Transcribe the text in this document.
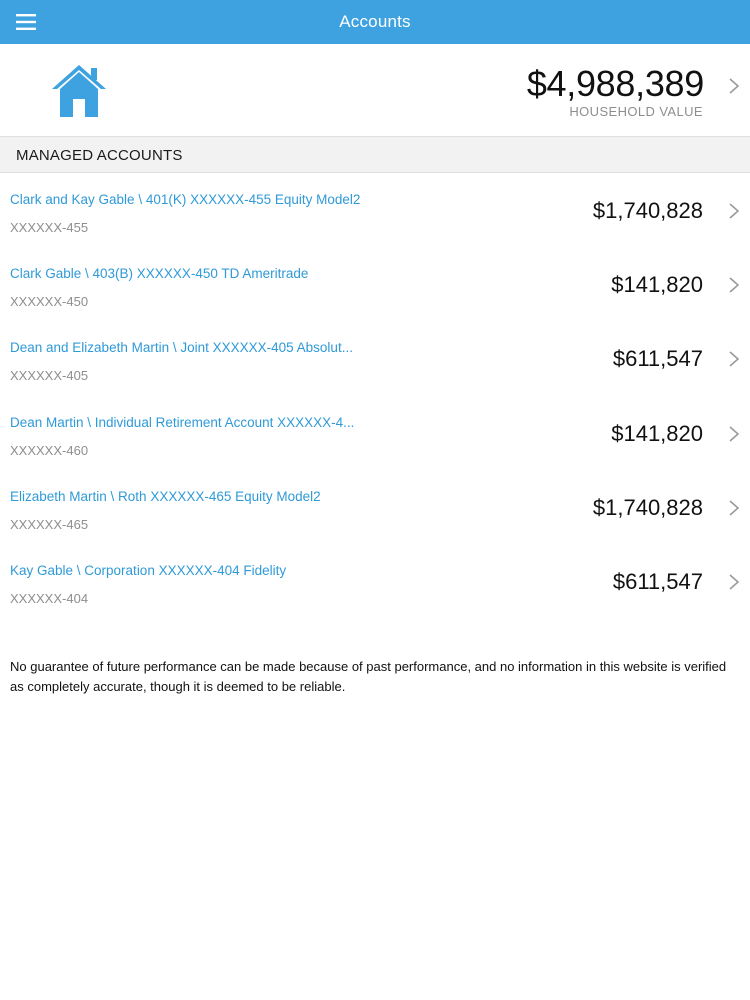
Accounts
$4,988,389
HOUSEHOLD VALUE
MANAGED ACCOUNTS
Clark and Kay Gable \ 401(K) XXXXXX-455 Equity Model2
XXXXXX-455
$1,740,828
Clark Gable \ 403(B) XXXXXX-450 TD Ameritrade
XXXXXX-450
$141,820
Dean and Elizabeth Martin \ Joint XXXXXX-405 Absolut...
XXXXXX-405
$611,547
Dean Martin \ Individual Retirement Account XXXXXX-4...
XXXXXX-460
$141,820
Elizabeth Martin \ Roth XXXXXX-465 Equity Model2
XXXXXX-465
$1,740,828
Kay Gable \ Corporation XXXXXX-404 Fidelity
XXXXXX-404
$611,547

No guarantee of future performance can be made because of past performance, and no information in this website is verified as completely accurate, though it is deemed to be reliable.
